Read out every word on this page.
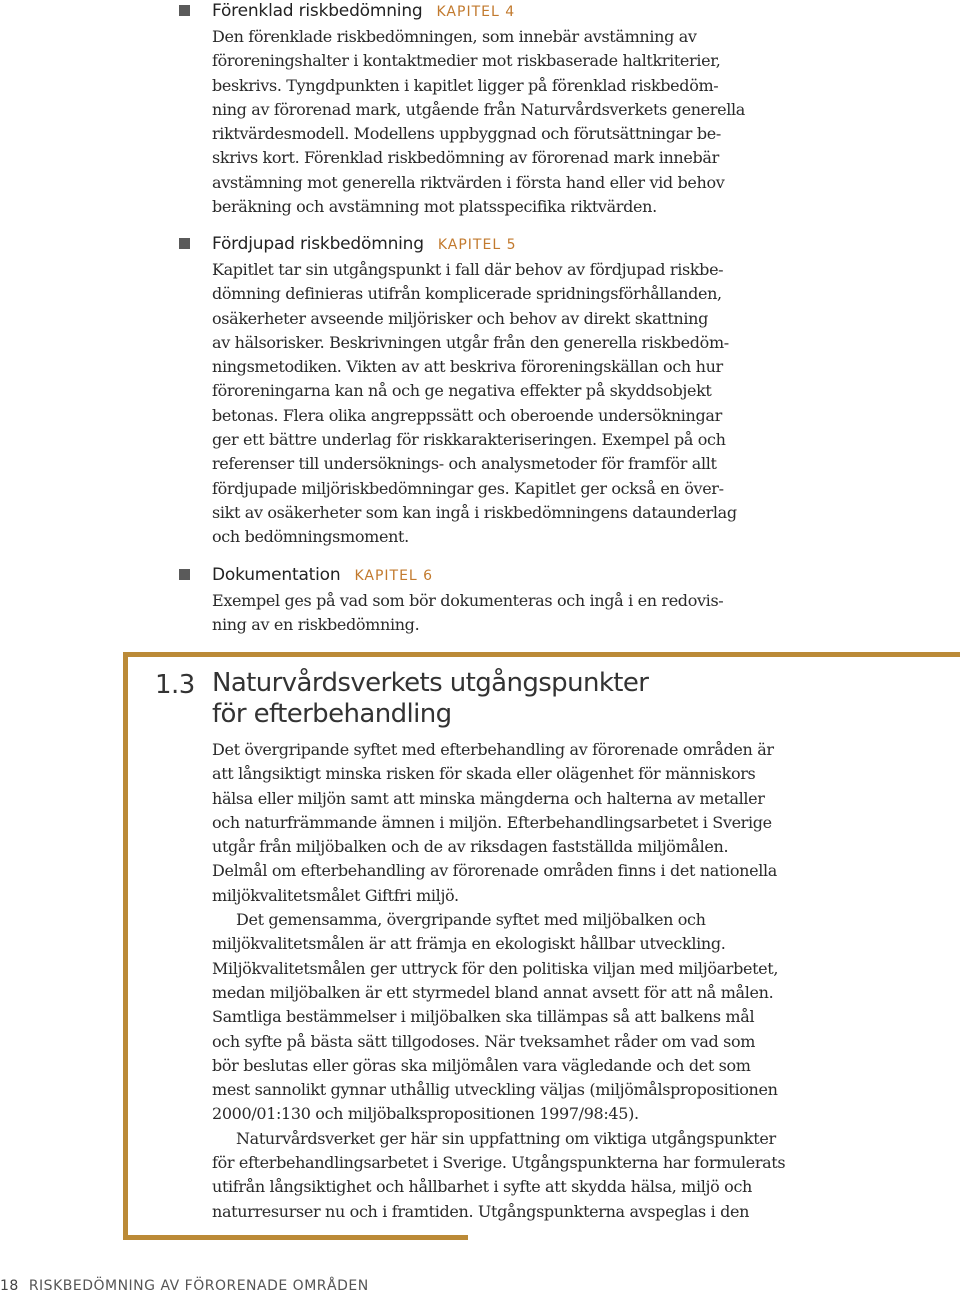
Förenklad riskbedömning KAPITEL 4
Den förenklade riskbedömningen, som innebär avstämning av
föroreningshalter i kontaktmedier mot riskbaserade haltkriterier,
beskrivs. Tyngdpunkten i kapitlet ligger på förenklad riskbedöm-
ning av förorenad mark, utgående från Naturvårdsverkets generella
riktvärdesmodell. Modellens uppbyggnad och förutsättningar be-
skrivs kort. Förenklad riskbedömning av förorenad mark innebär
avstämning mot generella riktvärden i första hand eller vid behov
beräkning och avstämning mot platsspecifika riktvärden.
Fördjupad riskbedömning KAPITEL 5
Kapitlet tar sin utgångspunkt i fall där behov av fördjupad riskbe-
dömning definieras utifrån komplicerade spridningsförhållanden,
osäkerheter avseende miljörisker och behov av direkt skattning
av hälsorisker. Beskrivningen utgår från den generella riskbedöm-
ningsmetodiken. Vikten av att beskriva föroreningskällan och hur
föroreningarna kan nå och ge negativa effekter på skyddsobjekt
betonas. Flera olika angreppssätt och oberoende undersökningar
ger ett bättre underlag för riskkarakteriseringen. Exempel på och
referenser till undersöknings- och analysmetoder för framför allt
fördjupade miljöriskbedömningar ges. Kapitlet ger också en över-
sikt av osäkerheter som kan ingå i riskbedömningens dataunderlag
och bedömningsmoment.
Dokumentation KAPITEL 6
Exempel ges på vad som bör dokumenteras och ingå i en redovis-
ning av en riskbedömning.
1.3 Naturvårdsverkets utgångspunkter
för efterbehandling
Det övergripande syftet med efterbehandling av förorenade områden är
att långsiktigt minska risken för skada eller olägenhet för människors
hälsa eller miljön samt att minska mängderna och halterna av metaller
och naturfrämmande ämnen i miljön. Efterbehandlingsarbetet i Sverige
utgår från miljöbalken och de av riksdagen fastställda miljömålen.
Delmål om efterbehandling av förorenade områden finns i det nationella
miljökvalitetsmålet Giftfri miljö.
Det gemensamma, övergripande syftet med miljöbalken och
miljökvalitetsmålen är att främja en ekologiskt hållbar utveckling.
Miljökvalitetsmålen ger uttryck för den politiska viljan med miljöarbetet,
medan miljöbalken är ett styrmedel bland annat avsett för att nå målen.
Samtliga bestämmelser i miljöbalken ska tillämpas så att balkens mål
och syfte på bästa sätt tillgodoses. När tveksamhet råder om vad som
bör beslutas eller göras ska miljömålen vara vägledande och det som
mest sannolikt gynnar uthållig utveckling väljas (miljömålspropositionen
2000/01:130 och miljöbalkspropositionen 1997/98:45).
Naturvårdsverket ger här sin uppfattning om viktiga utgångspunkter
för efterbehandlingsarbetet i Sverige. Utgångspunkterna har formulerats
utifrån långsiktighet och hållbarhet i syfte att skydda hälsa, miljö och
naturresurser nu och i framtiden. Utgångspunkterna avspeglas i den
18 RISKBEDÖMNING AV FÖRORENADE OMRÅDEN
